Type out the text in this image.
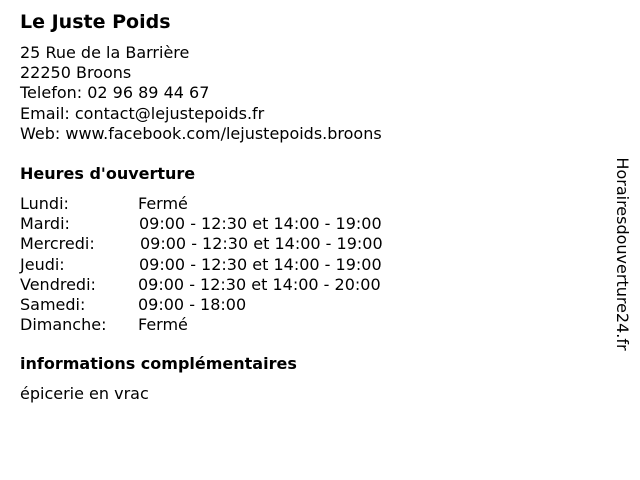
Le Juste Poids
25 Rue de la Barrière
22250 Broons
Telefon: 02 96 89 44 67
Email: contact@lejustepoids.fr
Web: www.facebook.com/lejustepoids.broons
Heures d'ouverture
Lundi:	Fermé
Mardi:	09:00 - 12:30 et 14:00 - 19:00
Mercredi:	09:00 - 12:30 et 14:00 - 19:00
Jeudi:	09:00 - 12:30 et 14:00 - 19:00
Vendredi:	09:00 - 12:30 et 14:00 - 20:00
Samedi:	09:00 - 18:00
Dimanche: Fermé
informations complémentaires
épicerie en vrac
Horairesdouverture24.fr
